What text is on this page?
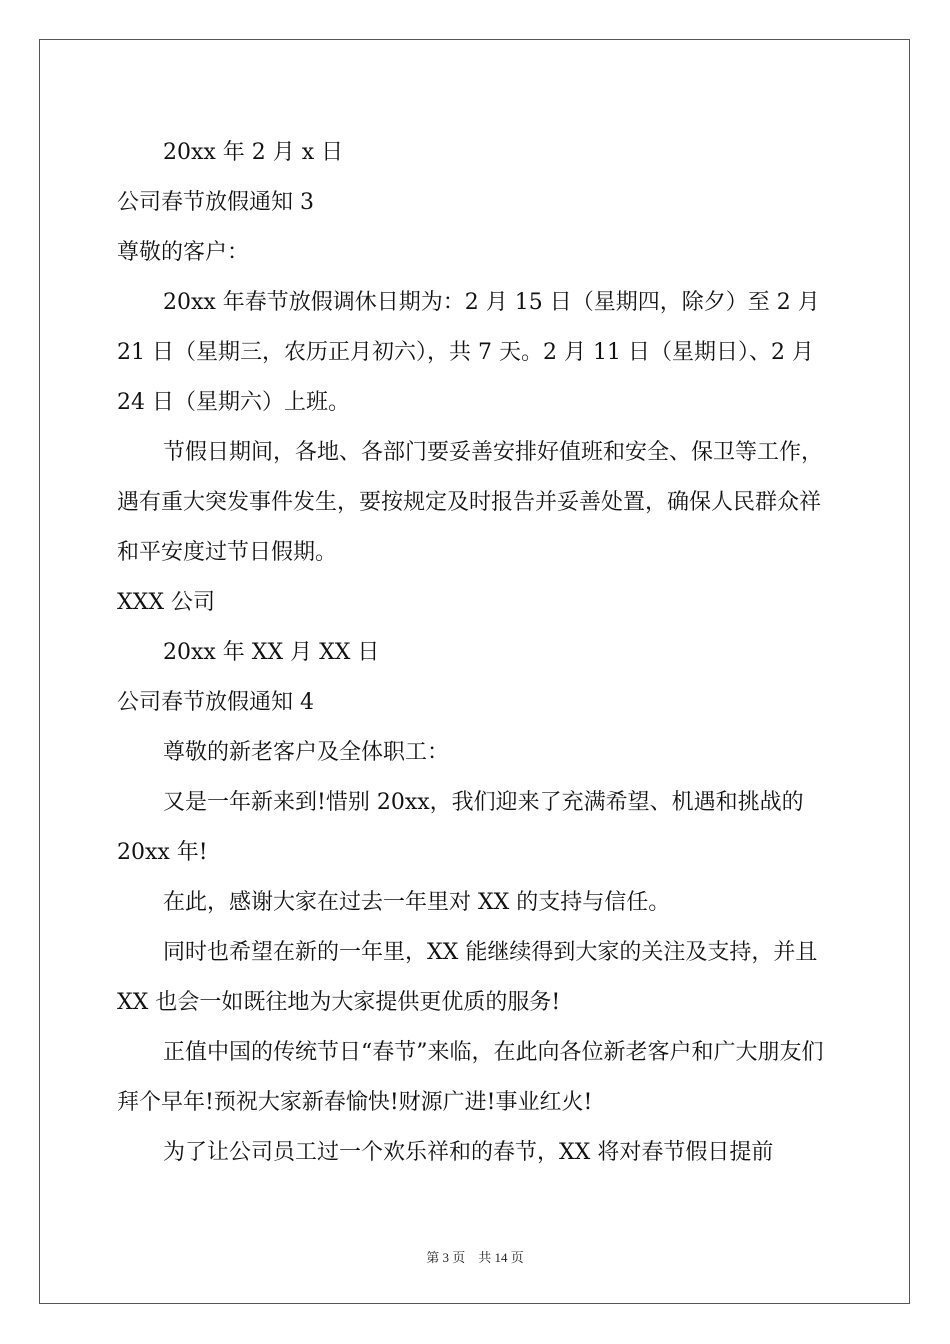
20xx 年 2 月 x 日

公司春节放假通知 3

尊敬的客户：

20xx 年春节放假调休日期为：2 月 15 日（星期四，除夕）至 2 月 21 日（星期三，农历正月初六），共 7 天。2 月 11 日（星期日）、2 月 24 日（星期六）上班。

节假日期间，各地、各部门要妥善安排好值班和安全、保卫等工作，遇有重大突发事件发生，要按规定及时报告并妥善处置，确保人民群众祥和平安度过节日假期。

XXX 公司

20xx 年 XX 月 XX 日

公司春节放假通知 4

尊敬的新老客户及全体职工：

又是一年新来到!惜别 20xx，我们迎来了充满希望、机遇和挑战的 20xx 年!

在此，感谢大家在过去一年里对 XX 的支持与信任。

同时也希望在新的一年里，XX 能继续得到大家的关注及支持，并且 XX 也会一如既往地为大家提供更优质的服务!

正值中国的传统节日“春节”来临，在此向各位新老客户和广大朋友们拜个早年!预祝大家新春愉快!财源广进!事业红火!

为了让公司员工过一个欢乐祥和的春节，XX 将对春节假日提前

第 3 页 共 14 页
